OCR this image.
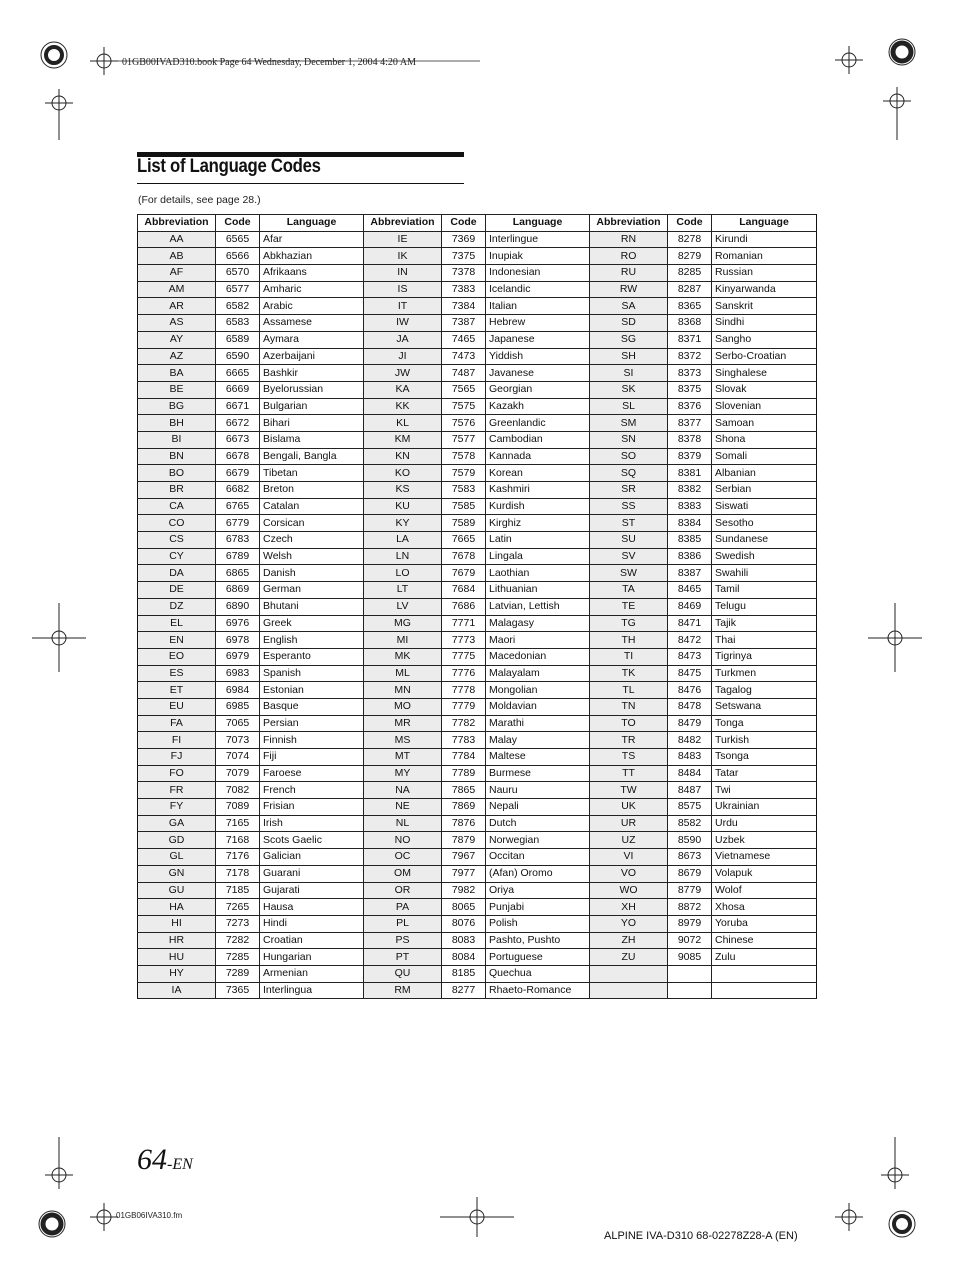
01GB00IVAD310.book Page 64 Wednesday, December 1, 2004 4:20 AM
List of Language Codes
(For details, see page 28.)
Abbreviation	Code	Language	Abbreviation	Code	Language	Abbreviation	Code	Language
AA	6565	Afar	IE	7369	Interlingue	RN	8278	Kirundi
AB	6566	Abkhazian	IK	7375	Inupiak	RO	8279	Romanian
AF	6570	Afrikaans	IN	7378	Indonesian	RU	8285	Russian
AM	6577	Amharic	IS	7383	Icelandic	RW	8287	Kinyarwanda
AR	6582	Arabic	IT	7384	Italian	SA	8365	Sanskrit
AS	6583	Assamese	IW	7387	Hebrew	SD	8368	Sindhi
AY	6589	Aymara	JA	7465	Japanese	SG	8371	Sangho
AZ	6590	Azerbaijani	JI	7473	Yiddish	SH	8372	Serbo-Croatian
BA	6665	Bashkir	JW	7487	Javanese	SI	8373	Singhalese
BE	6669	Byelorussian	KA	7565	Georgian	SK	8375	Slovak
BG	6671	Bulgarian	KK	7575	Kazakh	SL	8376	Slovenian
BH	6672	Bihari	KL	7576	Greenlandic	SM	8377	Samoan
BI	6673	Bislama	KM	7577	Cambodian	SN	8378	Shona
BN	6678	Bengali, Bangla	KN	7578	Kannada	SO	8379	Somali
BO	6679	Tibetan	KO	7579	Korean	SQ	8381	Albanian
BR	6682	Breton	KS	7583	Kashmiri	SR	8382	Serbian
CA	6765	Catalan	KU	7585	Kurdish	SS	8383	Siswati
CO	6779	Corsican	KY	7589	Kirghiz	ST	8384	Sesotho
CS	6783	Czech	LA	7665	Latin	SU	8385	Sundanese
CY	6789	Welsh	LN	7678	Lingala	SV	8386	Swedish
DA	6865	Danish	LO	7679	Laothian	SW	8387	Swahili
DE	6869	German	LT	7684	Lithuanian	TA	8465	Tamil
DZ	6890	Bhutani	LV	7686	Latvian, Lettish	TE	8469	Telugu
EL	6976	Greek	MG	7771	Malagasy	TG	8471	Tajik
EN	6978	English	MI	7773	Maori	TH	8472	Thai
EO	6979	Esperanto	MK	7775	Macedonian	TI	8473	Tigrinya
ES	6983	Spanish	ML	7776	Malayalam	TK	8475	Turkmen
ET	6984	Estonian	MN	7778	Mongolian	TL	8476	Tagalog
EU	6985	Basque	MO	7779	Moldavian	TN	8478	Setswana
FA	7065	Persian	MR	7782	Marathi	TO	8479	Tonga
FI	7073	Finnish	MS	7783	Malay	TR	8482	Turkish
FJ	7074	Fiji	MT	7784	Maltese	TS	8483	Tsonga
FO	7079	Faroese	MY	7789	Burmese	TT	8484	Tatar
FR	7082	French	NA	7865	Nauru	TW	8487	Twi
FY	7089	Frisian	NE	7869	Nepali	UK	8575	Ukrainian
GA	7165	Irish	NL	7876	Dutch	UR	8582	Urdu
GD	7168	Scots Gaelic	NO	7879	Norwegian	UZ	8590	Uzbek
GL	7176	Galician	OC	7967	Occitan	VI	8673	Vietnamese
GN	7178	Guarani	OM	7977	(Afan) Oromo	VO	8679	Volapuk
GU	7185	Gujarati	OR	7982	Oriya	WO	8779	Wolof
HA	7265	Hausa	PA	8065	Punjabi	XH	8872	Xhosa
HI	7273	Hindi	PL	8076	Polish	YO	8979	Yoruba
HR	7282	Croatian	PS	8083	Pashto, Pushto	ZH	9072	Chinese
HU	7285	Hungarian	PT	8084	Portuguese	ZU	9085	Zulu
HY	7289	Armenian	QU	8185	Quechua			
IA	7365	Interlingua	RM	8277	Rhaeto-Romance			
64-EN
01GB06IVA310.fm
ALPINE IVA-D310 68-02278Z28-A (EN)
